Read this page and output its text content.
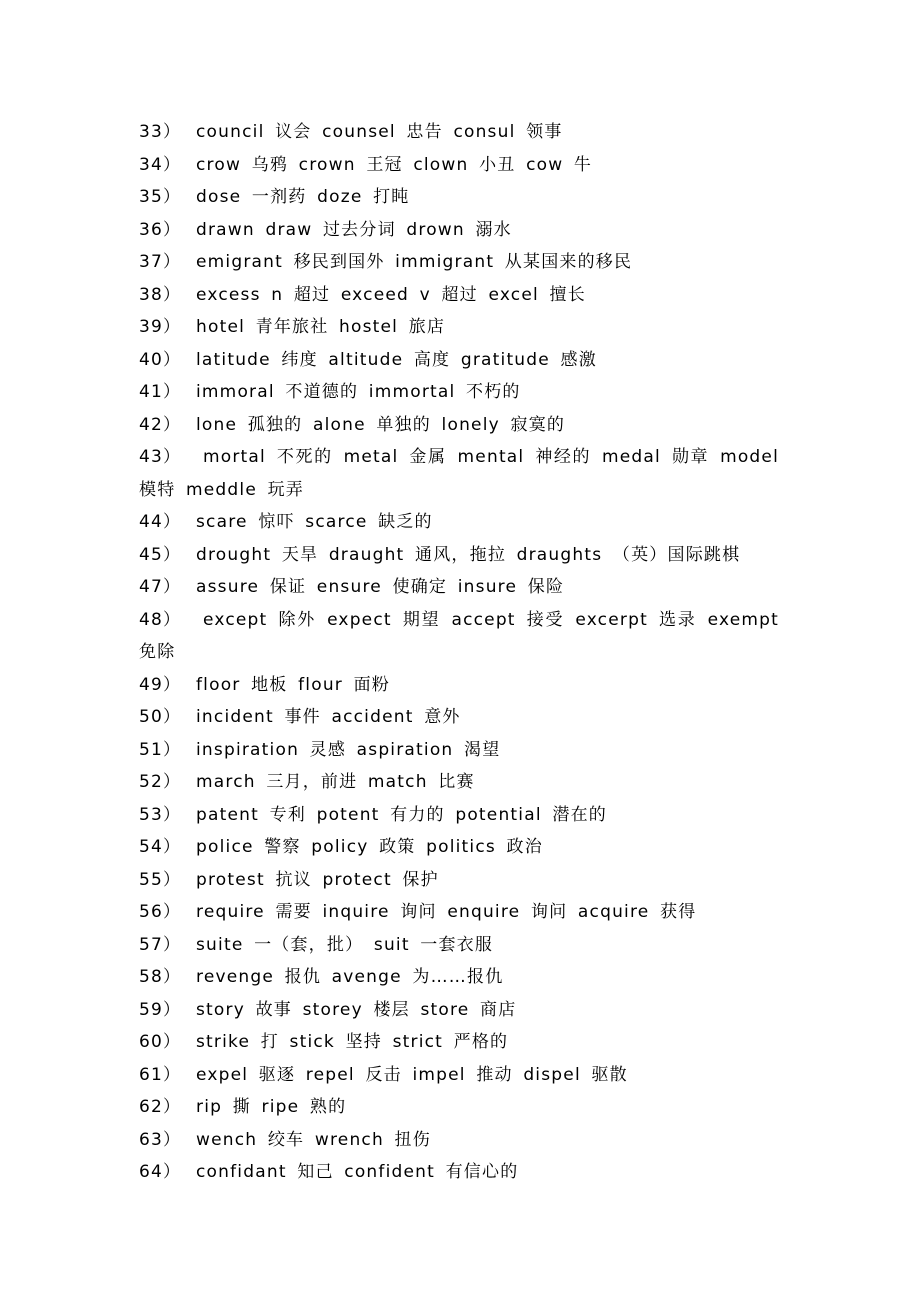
33） council 议会 counsel 忠告 consul 领事
34） crow 乌鸦 crown 王冠 clown 小丑 cow 牛
35） dose 一剂药 doze 打盹
36） drawn draw 过去分词 drown 溺水
37） emigrant 移民到国外 immigrant 从某国来的移民
38） excess n 超过 exceed v 超过 excel 擅长
39） hotel 青年旅社 hostel 旅店
40） latitude 纬度 altitude 高度 gratitude 感激
41） immoral 不道德的 immortal 不朽的
42） lone 孤独的 alone 单独的 lonely 寂寞的
43） mortal 不死的 metal 金属 mental 神经的 medal 勋章 model 模特 meddle 玩弄
44） scare 惊吓 scarce 缺乏的
45） drought 天旱 draught 通风，拖拉 draughts （英）国际跳棋
47） assure 保证 ensure 使确定 insure 保险
48） except 除外 expect 期望 accept 接受 excerpt 选录 exempt 免除
49） floor 地板 flour 面粉
50） incident 事件 accident 意外
51） inspiration 灵感 aspiration 渴望
52） march 三月，前进 match 比赛
53） patent 专利 potent 有力的 potential 潜在的
54） police 警察 policy 政策 politics 政治
55） protest 抗议 protect 保护
56） require 需要 inquire 询问 enquire 询问 acquire 获得
57） suite 一（套，批） suit 一套衣服
58） revenge 报仇 avenge 为……报仇
59） story 故事 storey 楼层 store 商店
60） strike 打 stick 坚持 strict 严格的
61） expel 驱逐 repel 反击 impel 推动 dispel 驱散
62） rip 撕 ripe 熟的
63） wench 绞车 wrench 扭伤
64） confidant 知己 confident 有信心的
